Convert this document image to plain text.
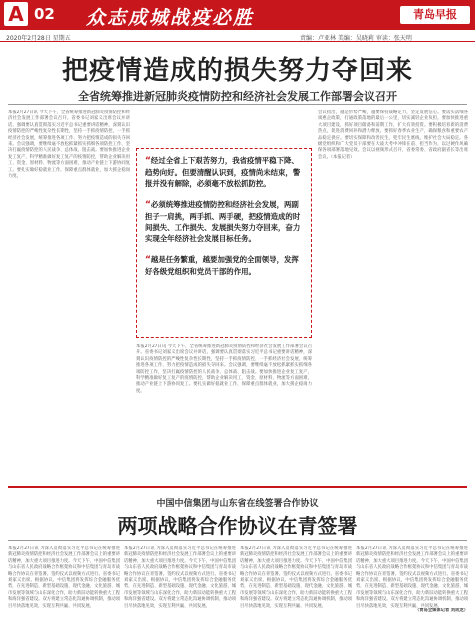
A 02 众志成城战疫必胜	青岛早报
2020年2月28日 星期五	责编：卢亚林 美编：吴晓莉 审读：张天明
把疫情造成的损失努力夺回来
全省统筹推进新冠肺炎疫情防控和经济社会发展工作部署会议召开
本报2月27日讯 今天下午，全省统筹推进新冠肺炎疫情防控和经济社会发展工作部署会议召开。省委书记刘家义出席会议并讲话，强调要认真贯彻落实习近平总书记重要讲话精神，深刻认识疫情防控的严峻性复杂性长期性，坚持一手抓疫情防控、一手抓经济社会发展，统筹推进各项工作，努力把疫情造成的损失夺回来。会议强调，要继续毫不放松抓紧抓实抓细各项防控工作，坚决打赢疫情防控的人民战争、总体战、阻击战。要加快推进企业复工复产，科学精准做好复工复产的疫情防控，帮助企业解决用工、资金、原材料、物流等方面困难，推动产业链上下游协同复工。要扎实做好稳就业工作，保障重点群体就业，加大援企稳岗力度。
本报2月27日讯 今天下午，全省统筹推进新冠肺炎疫情防控和经济社会发展工作部署会议召开。省委书记刘家义出席会议并讲话，强调要认真贯彻落实习近平总书记重要讲话精神，深刻认识疫情防控的严峻性复杂性长期性，坚持一手抓疫情防控、一手抓经济社会发展，统筹推进各项工作，努力把疫情造成的损失夺回来。会议强调，要继续毫不放松抓紧抓实抓细各项防控工作，坚决打赢疫情防控的人民战争、总体战、阻击战。要加快推进企业复工复产，科学精准做好复工复产的疫情防控，帮助企业解决用工、资金、原材料、物流等方面困难，推动产业链上下游协同复工。要扎实做好稳就业工作，保障重点群体就业，加大援企稳岗力度。

“经过全省上下艰苦努力，我省疫情平稳下降、趋势向好。但要清醒认识到，疫情尚未结束，警报并没有解除，必须毫不放松抓防控。

“必须统筹推进疫情防控和经济社会发展，两副担子一肩挑，两手抓、两手硬，把疫情造成的时间损失、工作损失、发展损失努力夺回来，奋力实现全年经济社会发展目标任务。

“越是任务繁重，越要加强党的全面领导，发挥好各级党组织和党员干部的作用。

会议指出，越是形势严峻，越要保持战略定力，坚定发展信心。要落实落细各项惠企政策，打通政策落地的最后一公里，切实减轻企业负担。要加快推进重大项目建设，抓好项目储备和前期工作，扩大有效投资。要积极培育新的消费热点，促进消费回补和潜力释放。要抓好春季农业生产，确保粮食和重要农产品稳定供应。要切实保障和改善民生，兜牢民生底线，维护社会大局稳定。各级党组织和广大党员干部要在大战大考中冲锋在前、担当作为，以过硬作风确保各项部署落地见效。会议以视频形式召开，省委常委、省政府副省长等出席会议。（本报记者）
中国中信集团与山东省在线签署合作协议
两项战略合作协议在青签署
本报2月27日讯 为深入贯彻落实习近平总书记在统筹推进新冠肺炎疫情防控和经济社会发展工作部署会议上的重要讲话精神，加大重大项目推进力度。今天下午，中国中信集团与山东省人民政府战略合作框架协议和中信集团与青岛市战略合作协议在青签署。签约仪式以视频方式进行。省委书记刘家义出席。根据协议，中信集团将发挥综合金融服务优势，在先进制造、新型基础设施、现代金融、文化旅游、城市发展等领域与山东深化合作，助力新旧动能转换重大工程和海洋强省建设。双方将建立常态化沟通协调机制，推动项目尽快落地见效，实现互利共赢、共同发展。
本报2月27日讯 为深入贯彻落实习近平总书记在统筹推进新冠肺炎疫情防控和经济社会发展工作部署会议上的重要讲话精神，加大重大项目推进力度。今天下午，中国中信集团与山东省人民政府战略合作框架协议和中信集团与青岛市战略合作协议在青签署。签约仪式以视频方式进行。省委书记刘家义出席。根据协议，中信集团将发挥综合金融服务优势，在先进制造、新型基础设施、现代金融、文化旅游、城市发展等领域与山东深化合作，助力新旧动能转换重大工程和海洋强省建设。双方将建立常态化沟通协调机制，推动项目尽快落地见效，实现互利共赢、共同发展。
本报2月27日讯 为深入贯彻落实习近平总书记在统筹推进新冠肺炎疫情防控和经济社会发展工作部署会议上的重要讲话精神，加大重大项目推进力度。今天下午，中国中信集团与山东省人民政府战略合作框架协议和中信集团与青岛市战略合作协议在青签署。签约仪式以视频方式进行。省委书记刘家义出席。根据协议，中信集团将发挥综合金融服务优势，在先进制造、新型基础设施、现代金融、文化旅游、城市发展等领域与山东深化合作，助力新旧动能转换重大工程和海洋强省建设。双方将建立常态化沟通协调机制，推动项目尽快落地见效，实现互利共赢、共同发展。
本报2月27日讯 为深入贯彻落实习近平总书记在统筹推进新冠肺炎疫情防控和经济社会发展工作部署会议上的重要讲话精神，加大重大项目推进力度。今天下午，中国中信集团与山东省人民政府战略合作框架协议和中信集团与青岛市战略合作协议在青签署。签约仪式以视频方式进行。省委书记刘家义出席。根据协议，中信集团将发挥综合金融服务优势，在先进制造、新型基础设施、现代金融、文化旅游、城市发展等领域与山东深化合作，助力新旧动能转换重大工程和海洋强省建设。双方将建立常态化沟通协调机制，推动项目尽快落地见效，实现互利共赢、共同发展。
（青岛全媒体记者 刘成龙）
